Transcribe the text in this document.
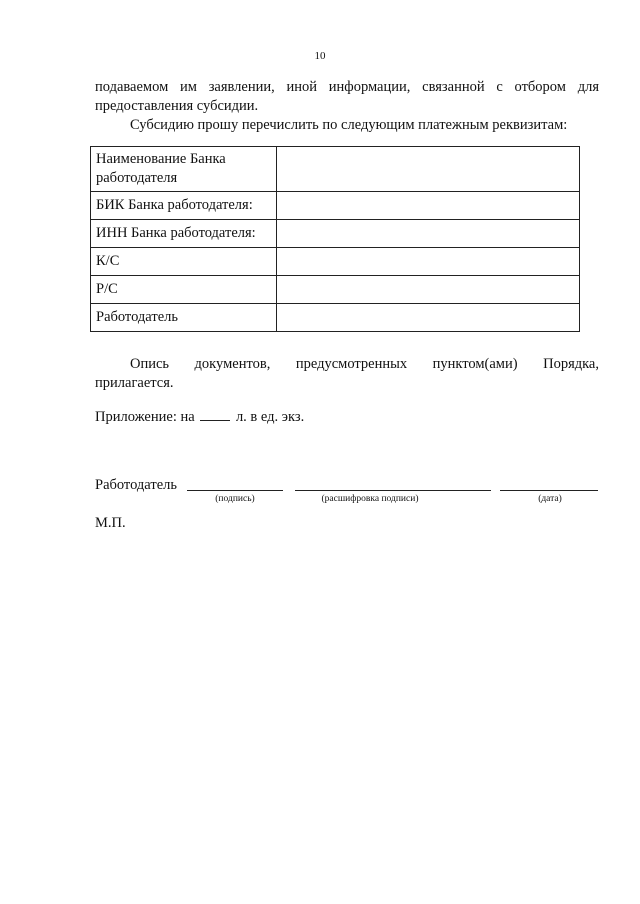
10
подаваемом им заявлении, иной информации, связанной с отбором для
предоставления субсидии.
Субсидию прошу перечислить по следующим платежным реквизитам:
Наименование Банка работодателя	
БИК Банка работодателя:	
ИНН Банка работодателя:	
К/С	
Р/С	
Работодатель	
Опись документов, предусмотренных пунктом(ами) Порядка,
прилагается.
Приложение: на	л. в ед. экз.
Работодатель
(подпись)	(расшифровка подписи)	(дата)
М.П.
